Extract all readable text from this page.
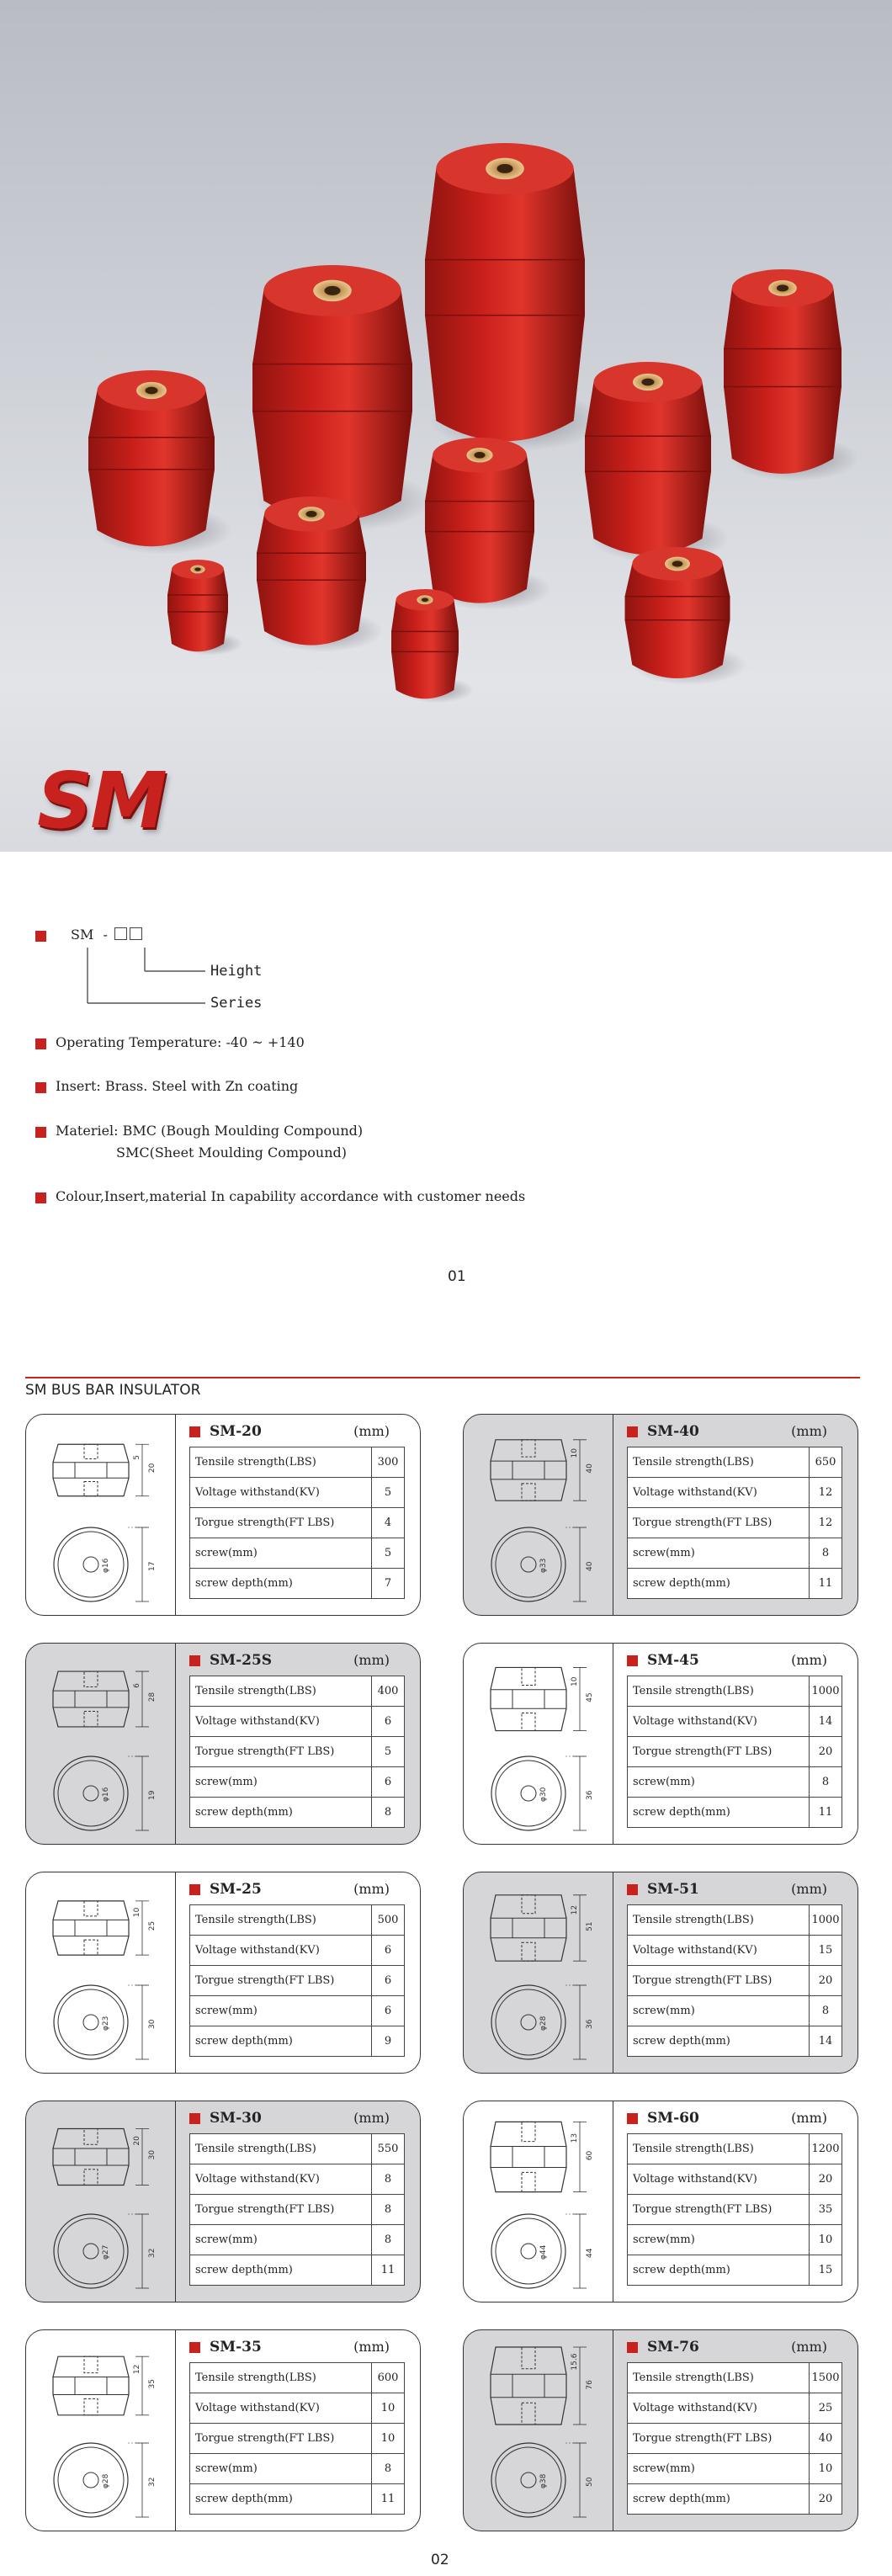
SM
SM -
Height
Series
Operating Temperature: -40 ~ +140
Insert: Brass. Steel with Zn coating
Materiel: BMC (Bough Moulding Compound)
SMC(Sheet Moulding Compound)
Colour,Insert,material In capability accordance with customer needs
01
SM BUS BAR INSULATOR
5
20
φ16	17
SM-20	(mm)
Tensile strength(LBS)	300
Voltage withstand(KV)	5
Torgue strength(FT LBS)	4
screw(mm)	5
screw depth(mm)	7
10
40
φ33	40
SM-40	(mm)
Tensile strength(LBS)	650
Voltage withstand(KV)	12
Torgue strength(FT LBS)	12
screw(mm)	8
screw depth(mm)	11
6
28
φ16	19
SM-25S	(mm)
Tensile strength(LBS)	400
Voltage withstand(KV)	6
Torgue strength(FT LBS)	5
screw(mm)	6
screw depth(mm)	8
10
45
φ30	36
SM-45	(mm)
Tensile strength(LBS)	1000
Voltage withstand(KV)	14
Torgue strength(FT LBS)	20
screw(mm)	8
screw depth(mm)	11
10
25
φ23	30
SM-25	(mm)
Tensile strength(LBS)	500
Voltage withstand(KV)	6
Torgue strength(FT LBS)	6
screw(mm)	6
screw depth(mm)	9
12
51
φ28	36
SM-51	(mm)
Tensile strength(LBS)	1000
Voltage withstand(KV)	15
Torgue strength(FT LBS)	20
screw(mm)	8
screw depth(mm)	14
20
30
φ27	32
SM-30	(mm)
Tensile strength(LBS)	550
Voltage withstand(KV)	8
Torgue strength(FT LBS)	8
screw(mm)	8
screw depth(mm)	11
13
60
φ44	44
SM-60	(mm)
Tensile strength(LBS)	1200
Voltage withstand(KV)	20
Torgue strength(FT LBS)	35
screw(mm)	10
screw depth(mm)	15
12
35
φ28	32
SM-35	(mm)
Tensile strength(LBS)	600
Voltage withstand(KV)	10
Torgue strength(FT LBS)	10
screw(mm)	8
screw depth(mm)	11
15.6
76
φ38	50
SM-76	(mm)
Tensile strength(LBS)	1500
Voltage withstand(KV)	25
Torgue strength(FT LBS)	40
screw(mm)	10
screw depth(mm)	20
02
